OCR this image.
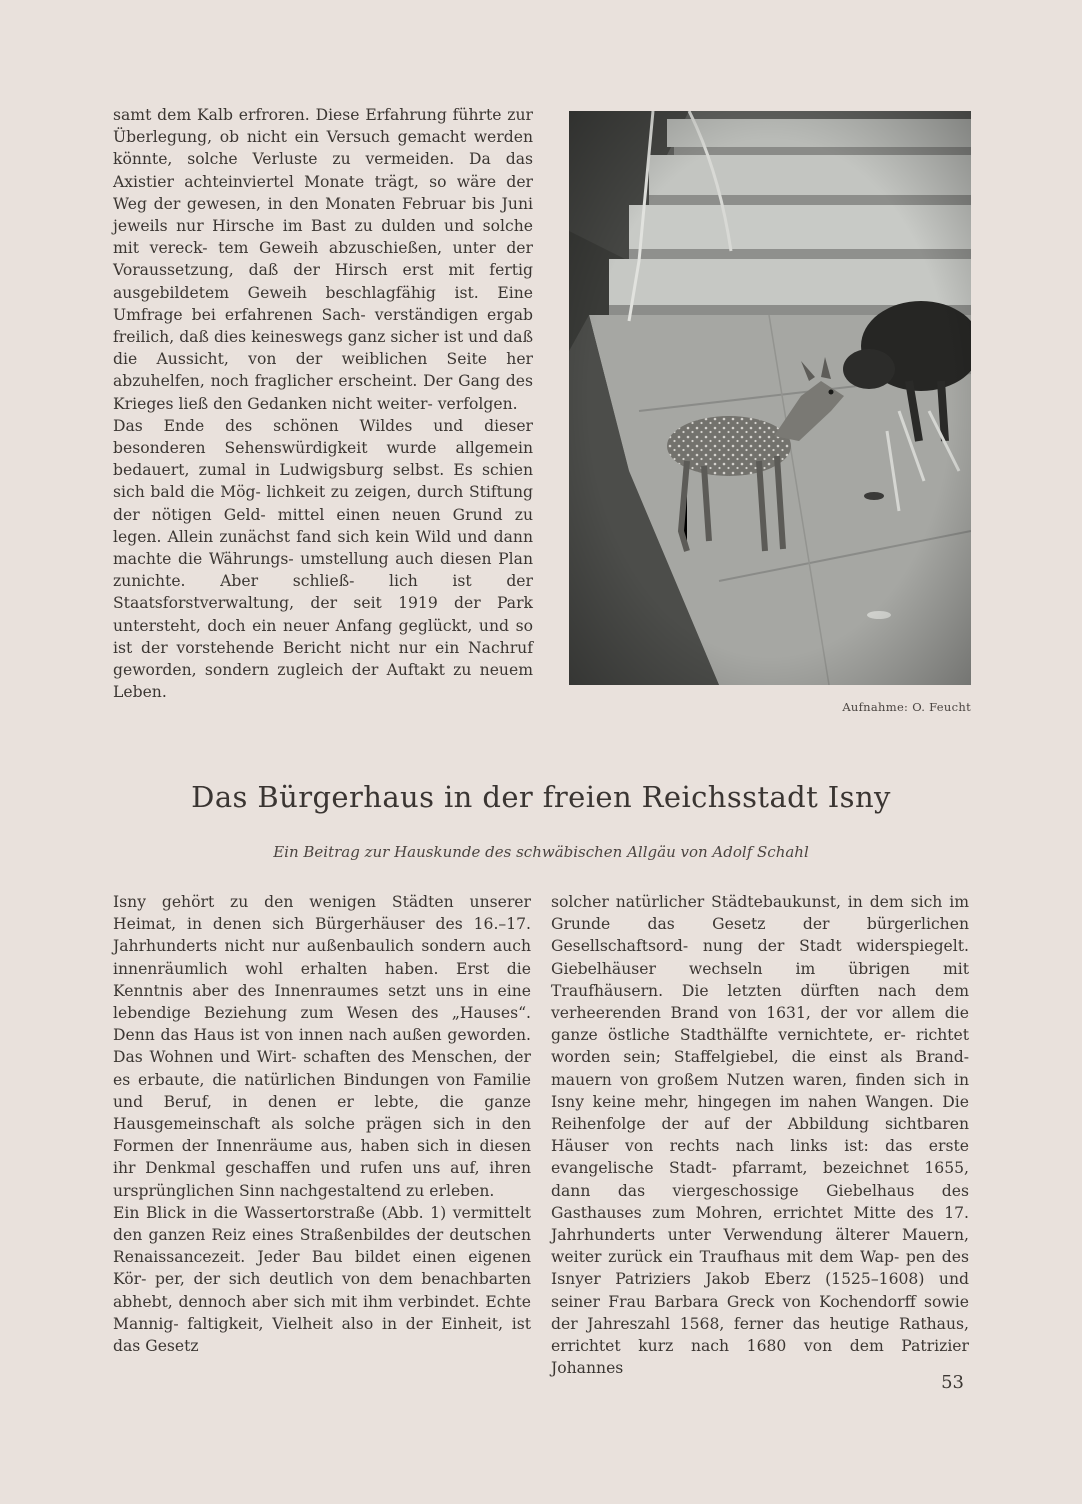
samt dem Kalb erfroren. Diese Erfahrung führte zur Überlegung, ob nicht ein Versuch gemacht werden könnte, solche Verluste zu vermeiden. Da das Axistier achteinviertel Monate trägt, so wäre der Weg der gewesen, in den Monaten Februar bis Juni jeweils nur Hirsche im Bast zu dulden und solche mit vereck- tem Geweih abzuschießen, unter der Voraussetzung, daß der Hirsch erst mit fertig ausgebildetem Geweih beschlagfähig ist. Eine Umfrage bei erfahrenen Sach- verständigen ergab freilich, daß dies keineswegs ganz sicher ist und daß die Aussicht, von der weiblichen Seite her abzuhelfen, noch fraglicher erscheint. Der Gang des Krieges ließ den Gedanken nicht weiter- verfolgen.

Das Ende des schönen Wildes und dieser besonderen Sehenswürdigkeit wurde allgemein bedauert, zumal in Ludwigsburg selbst. Es schien sich bald die Mög- lichkeit zu zeigen, durch Stiftung der nötigen Geld- mittel einen neuen Grund zu legen. Allein zunächst fand sich kein Wild und dann machte die Währungs- umstellung auch diesen Plan zunichte. Aber schließ- lich ist der Staatsforstverwaltung, der seit 1919 der Park untersteht, doch ein neuer Anfang geglückt, und so ist der vorstehende Bericht nicht nur ein Nachruf geworden, sondern zugleich der Auftakt zu neuem Leben.

Aufnahme: O. Feucht
Das Bürgerhaus in der freien Reichsstadt Isny
Ein Beitrag zur Hauskunde des schwäbischen Allgäu von Adolf Schahl

Isny gehört zu den wenigen Städten unserer Heimat, in denen sich Bürgerhäuser des 16.–17. Jahrhunderts nicht nur außenbaulich sondern auch innenräumlich wohl erhalten haben. Erst die Kenntnis aber des Innenraumes setzt uns in eine lebendige Beziehung zum Wesen des „Hauses“. Denn das Haus ist von innen nach außen geworden. Das Wohnen und Wirt- schaften des Menschen, der es erbaute, die natürlichen Bindungen von Familie und Beruf, in denen er lebte, die ganze Hausgemeinschaft als solche prägen sich in den Formen der Innenräume aus, haben sich in diesen ihr Denkmal geschaffen und rufen uns auf, ihren ursprünglichen Sinn nachgestaltend zu erleben.

Ein Blick in die Wassertorstraße (Abb. 1) vermittelt den ganzen Reiz eines Straßenbildes der deutschen Renaissancezeit. Jeder Bau bildet einen eigenen Kör- per, der sich deutlich von dem benachbarten abhebt, dennoch aber sich mit ihm verbindet. Echte Mannig- faltigkeit, Vielheit also in der Einheit, ist das Gesetz

solcher natürlicher Städtebaukunst, in dem sich im Grunde das Gesetz der bürgerlichen Gesellschaftsord- nung der Stadt widerspiegelt. Giebelhäuser wechseln im übrigen mit Traufhäusern. Die letzten dürften nach dem verheerenden Brand von 1631, der vor allem die ganze östliche Stadthälfte vernichtete, er- richtet worden sein; Staffelgiebel, die einst als Brand- mauern von großem Nutzen waren, finden sich in Isny keine mehr, hingegen im nahen Wangen. Die Reihenfolge der auf der Abbildung sichtbaren Häuser von rechts nach links ist: das erste evangelische Stadt- pfarramt, bezeichnet 1655, dann das viergeschossige Giebelhaus des Gasthauses zum Mohren, errichtet Mitte des 17. Jahrhunderts unter Verwendung älterer Mauern, weiter zurück ein Traufhaus mit dem Wap- pen des Isnyer Patriziers Jakob Eberz (1525–1608) und seiner Frau Barbara Greck von Kochendorff sowie der Jahreszahl 1568, ferner das heutige Rathaus, errichtet kurz nach 1680 von dem Patrizier Johannes

53
